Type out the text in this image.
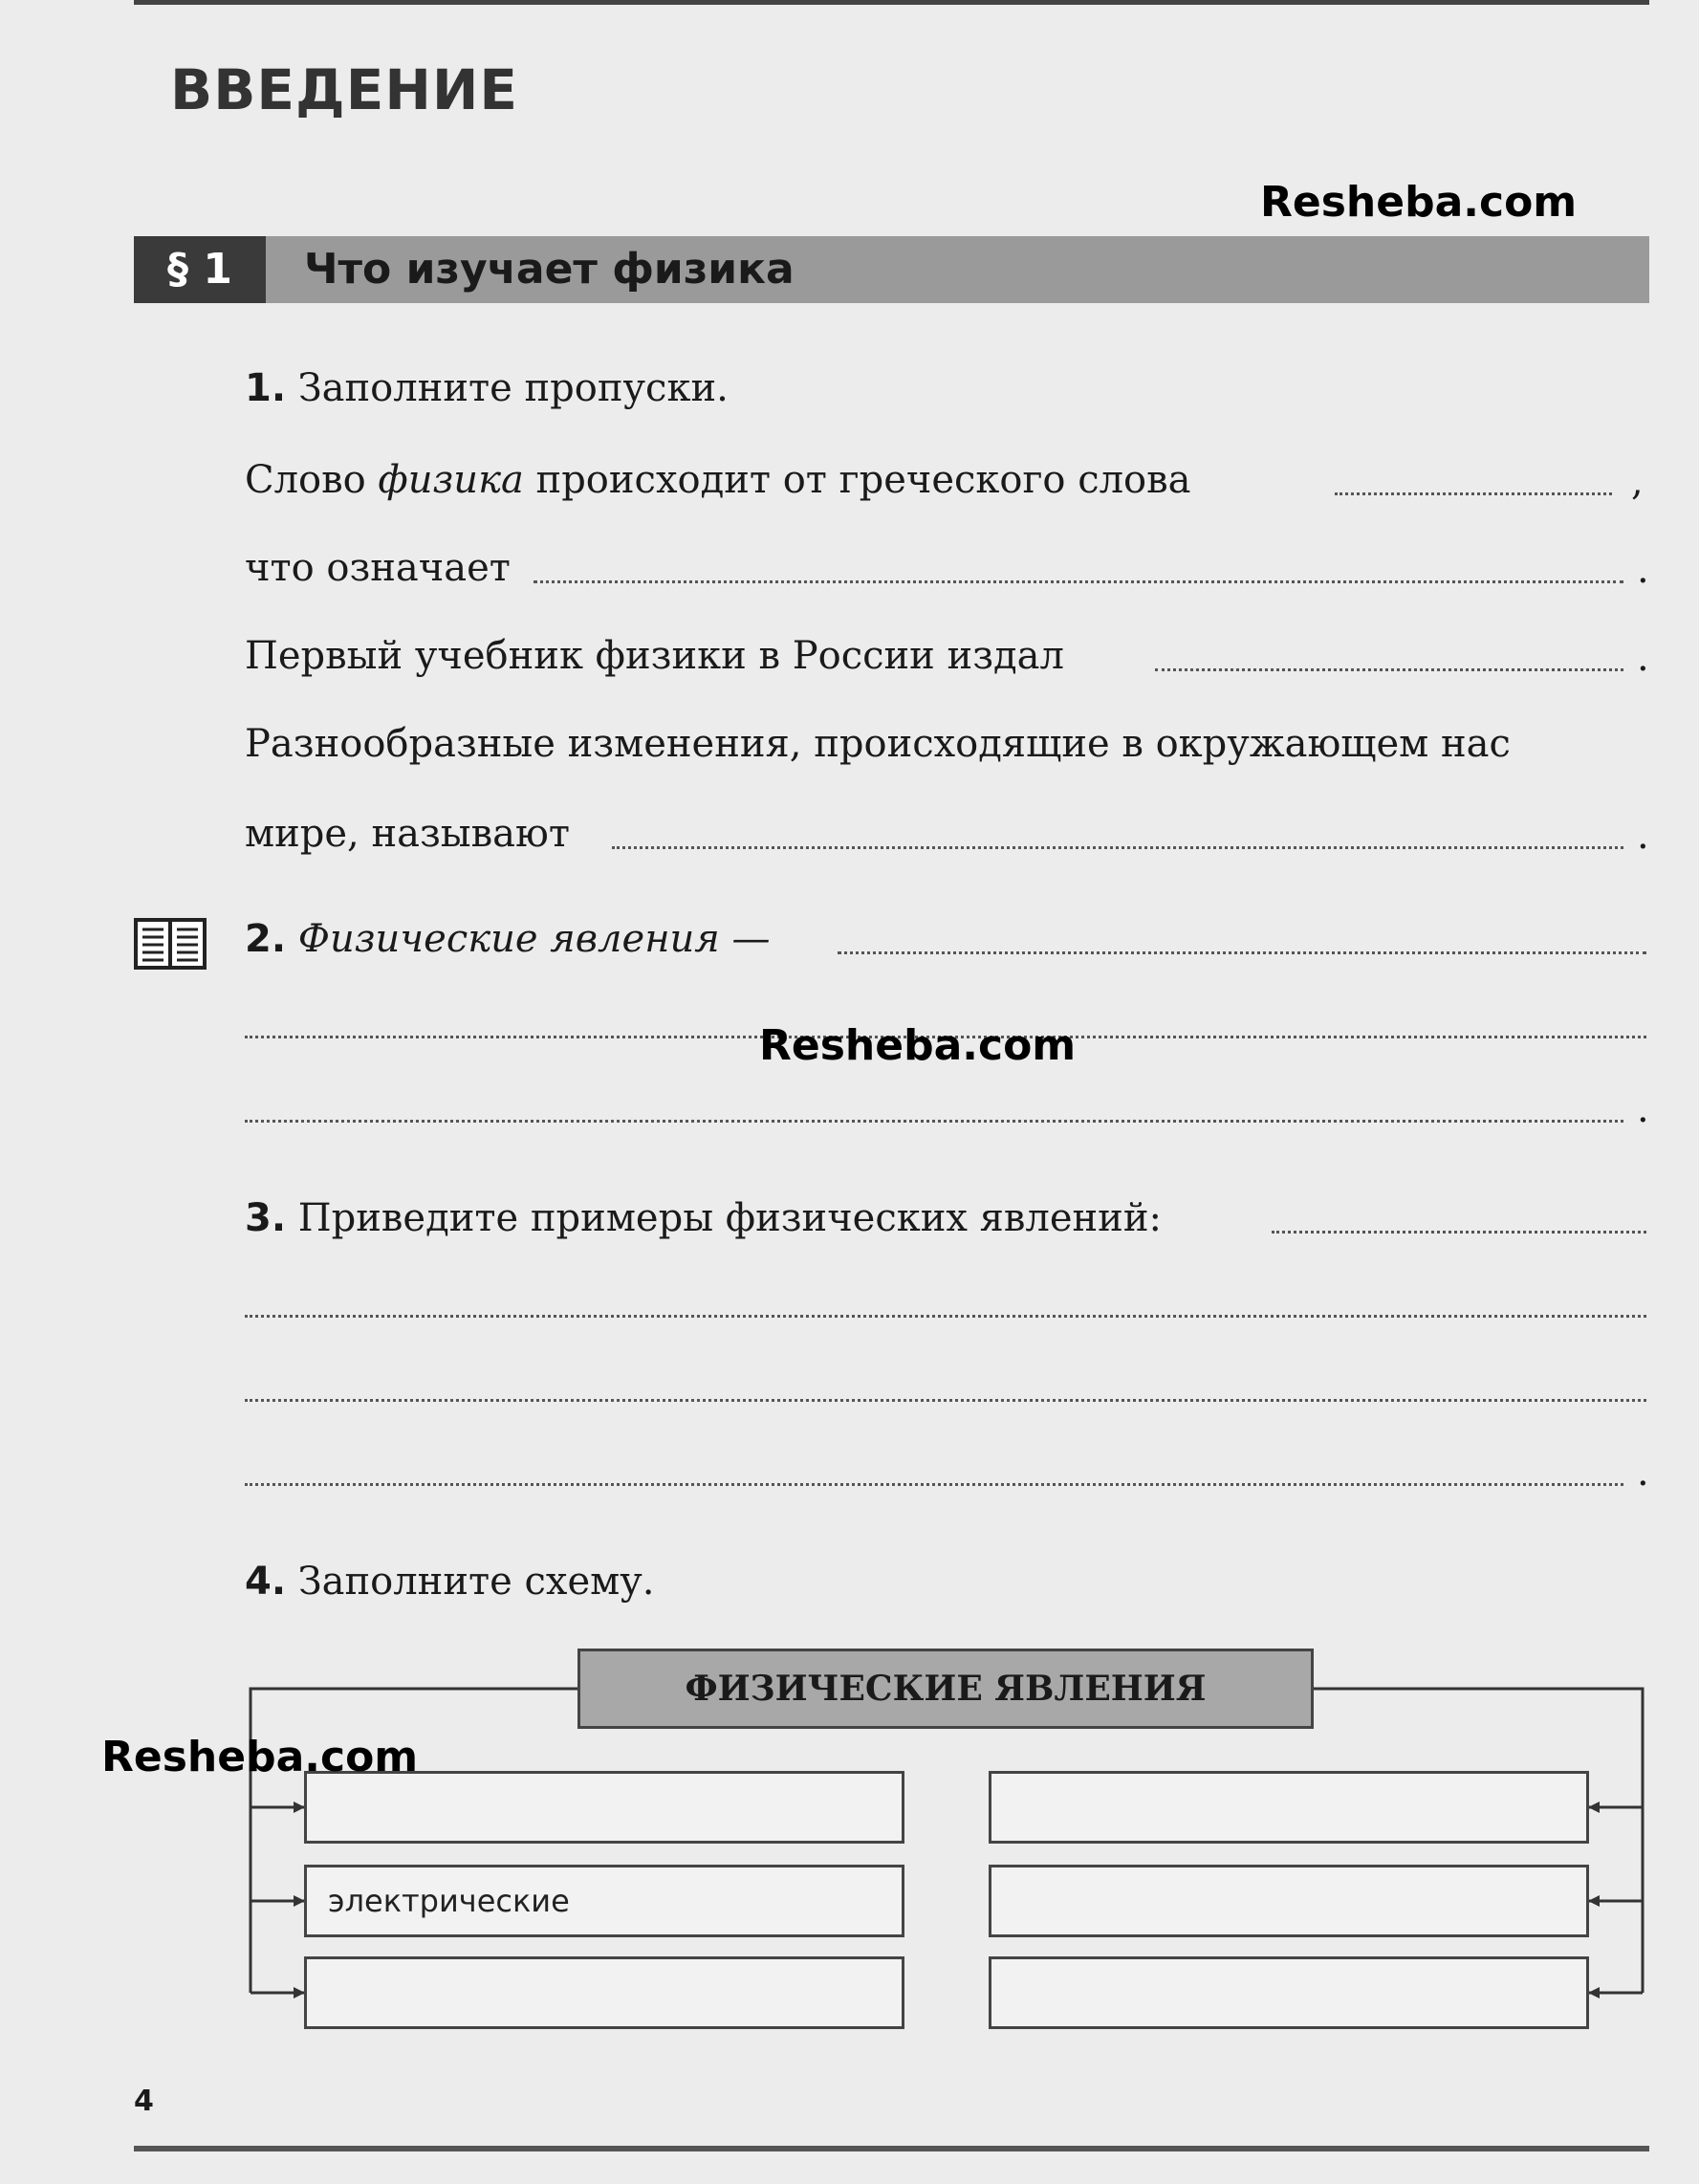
ВВЕДЕНИЕ
Resheba.com
§ 1	Что изучает физика
1. Заполните пропуски.
Слово физика происходит от греческого слова	,
что означает	.
Первый учебник физики в России издал	.
Разнообразные изменения, происходящие в окружающем нас
мире, называют	.
2. Физические явления —
Resheba.com
.
3. Приведите примеры физических явлений:
.
4. Заполните схему.
ФИЗИЧЕСКИЕ ЯВЛЕНИЯ
электрические
Resheba.com
4
